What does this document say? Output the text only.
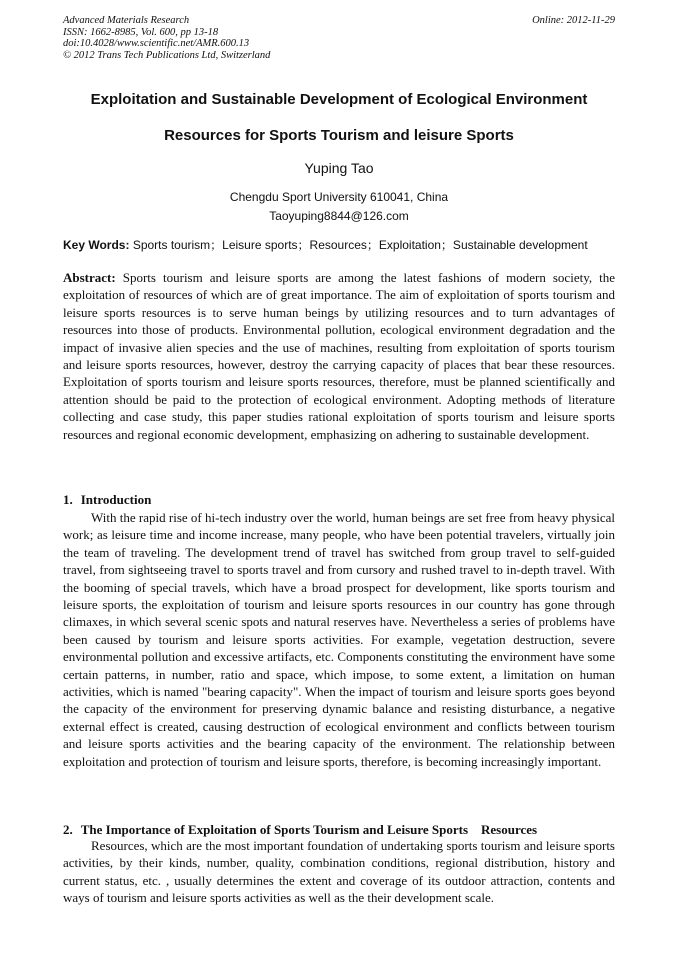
Advanced Materials Research
ISSN: 1662-8985, Vol. 600, pp 13-18
doi:10.4028/www.scientific.net/AMR.600.13
© 2012 Trans Tech Publications Ltd, Switzerland
Online: 2012-11-29
Exploitation and Sustainable Development of Ecological Environment
Resources for Sports Tourism and leisure Sports
Yuping Tao
Chengdu Sport University 610041, China
Taoyuping8844@126.com
Key Words: Sports tourism；Leisure sports；Resources；Exploitation；Sustainable development
Abstract: Sports tourism and leisure sports are among the latest fashions of modern society, the exploitation of resources of which are of great importance. The aim of exploitation of sports tourism and leisure sports resources is to serve human beings by utilizing resources and to turn advantages of resources into those of products. Environmental pollution, ecological environment degradation and the impact of invasive alien species and the use of machines, resulting from exploitation of sports tourism and leisure sports resources, however, destroy the carrying capacity of places that bear these resources. Exploitation of sports tourism and leisure sports resources, therefore, must be planned scientifically and attention should be paid to the protection of ecological environment. Adopting methods of literature collecting and case study, this paper studies rational exploitation of sports tourism and leisure sports resources and regional economic development, emphasizing on adhering to sustainable development.
1. Introduction
With the rapid rise of hi-tech industry over the world, human beings are set free from heavy physical work; as leisure time and income increase, many people, who have been potential travelers, virtually join the team of traveling. The development trend of travel has switched from group travel to self-guided travel, from sightseeing travel to sports travel and from cursory and rushed travel to in-depth travel. With the booming of special travels, which have a broad prospect for development, like sports tourism and leisure sports, the exploitation of tourism and leisure sports resources in our country has gone through climaxes, in which several scenic spots and natural reserves have. Nevertheless a series of problems have been caused by tourism and leisure sports activities. For example, vegetation destruction, severe environmental pollution and excessive artifacts, etc. Components constituting the environment have some certain patterns, in number, ratio and space, which impose, to some extent, a limitation on human activities, which is named "bearing capacity". When the impact of tourism and leisure sports goes beyond the capacity of the environment for preserving dynamic balance and resisting disturbance, a negative external effect is created, causing destruction of ecological environment and conflicts between tourism and leisure sports activities and the bearing capacity of the environment. The relationship between exploitation and protection of tourism and leisure sports, therefore, is becoming increasingly important.
2. The Importance of Exploitation of Sports Tourism and Leisure Sports    Resources
Resources, which are the most important foundation of undertaking sports tourism and leisure sports activities, by their kinds, number, quality, combination conditions, regional distribution, history and current status, etc. , usually determines the extent and coverage of its outdoor attraction, contents and ways of tourism and leisure sports activities as well as the their development scale.
